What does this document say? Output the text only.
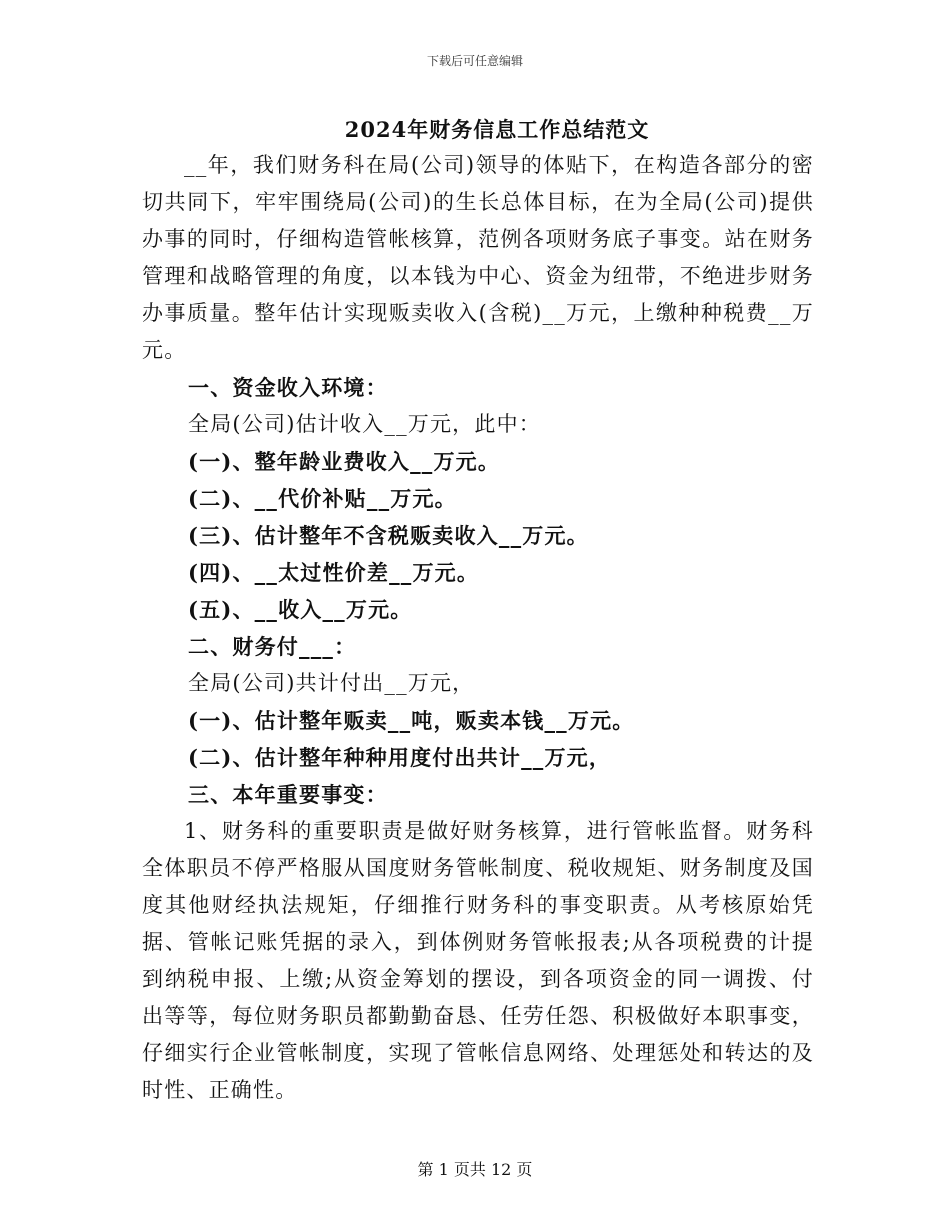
下载后可任意编辑
2024年财务信息工作总结范文

__年，我们财务科在局(公司)领导的体贴下，在构造各部分的密切共同下，牢牢围绕局(公司)的生长总体目标，在为全局(公司)提供办事的同时，仔细构造管帐核算，范例各项财务底子事变。站在财务管理和战略管理的角度，以本钱为中心、资金为纽带，不绝进步财务办事质量。整年估计实现贩卖收入(含税)__万元，上缴种种税费__万元。

一、资金收入环境：

全局(公司)估计收入__万元，此中：

(一)、整年龄业费收入__万元。

(二)、__代价补贴__万元。

(三)、估计整年不含税贩卖收入__万元。

(四)、__太过性价差__万元。

(五)、__收入__万元。

二、财务付___：

全局(公司)共计付出__万元，

(一)、估计整年贩卖__吨，贩卖本钱__万元。

(二)、估计整年种种用度付出共计__万元，

三、本年重要事变：

1、财务科的重要职责是做好财务核算，进行管帐监督。财务科全体职员不停严格服从国度财务管帐制度、税收规矩、财务制度及国度其他财经执法规矩，仔细推行财务科的事变职责。从考核原始凭据、管帐记账凭据的录入，到体例财务管帐报表;从各项税费的计提到纳税申报、上缴;从资金筹划的摆设，到各项资金的同一调拨、付出等等，每位财务职员都勤勤奋恳、任劳任怨、积极做好本职事变，仔细实行企业管帐制度，实现了管帐信息网络、处理惩处和转达的及时性、正确性。

第 1 页共 12 页
